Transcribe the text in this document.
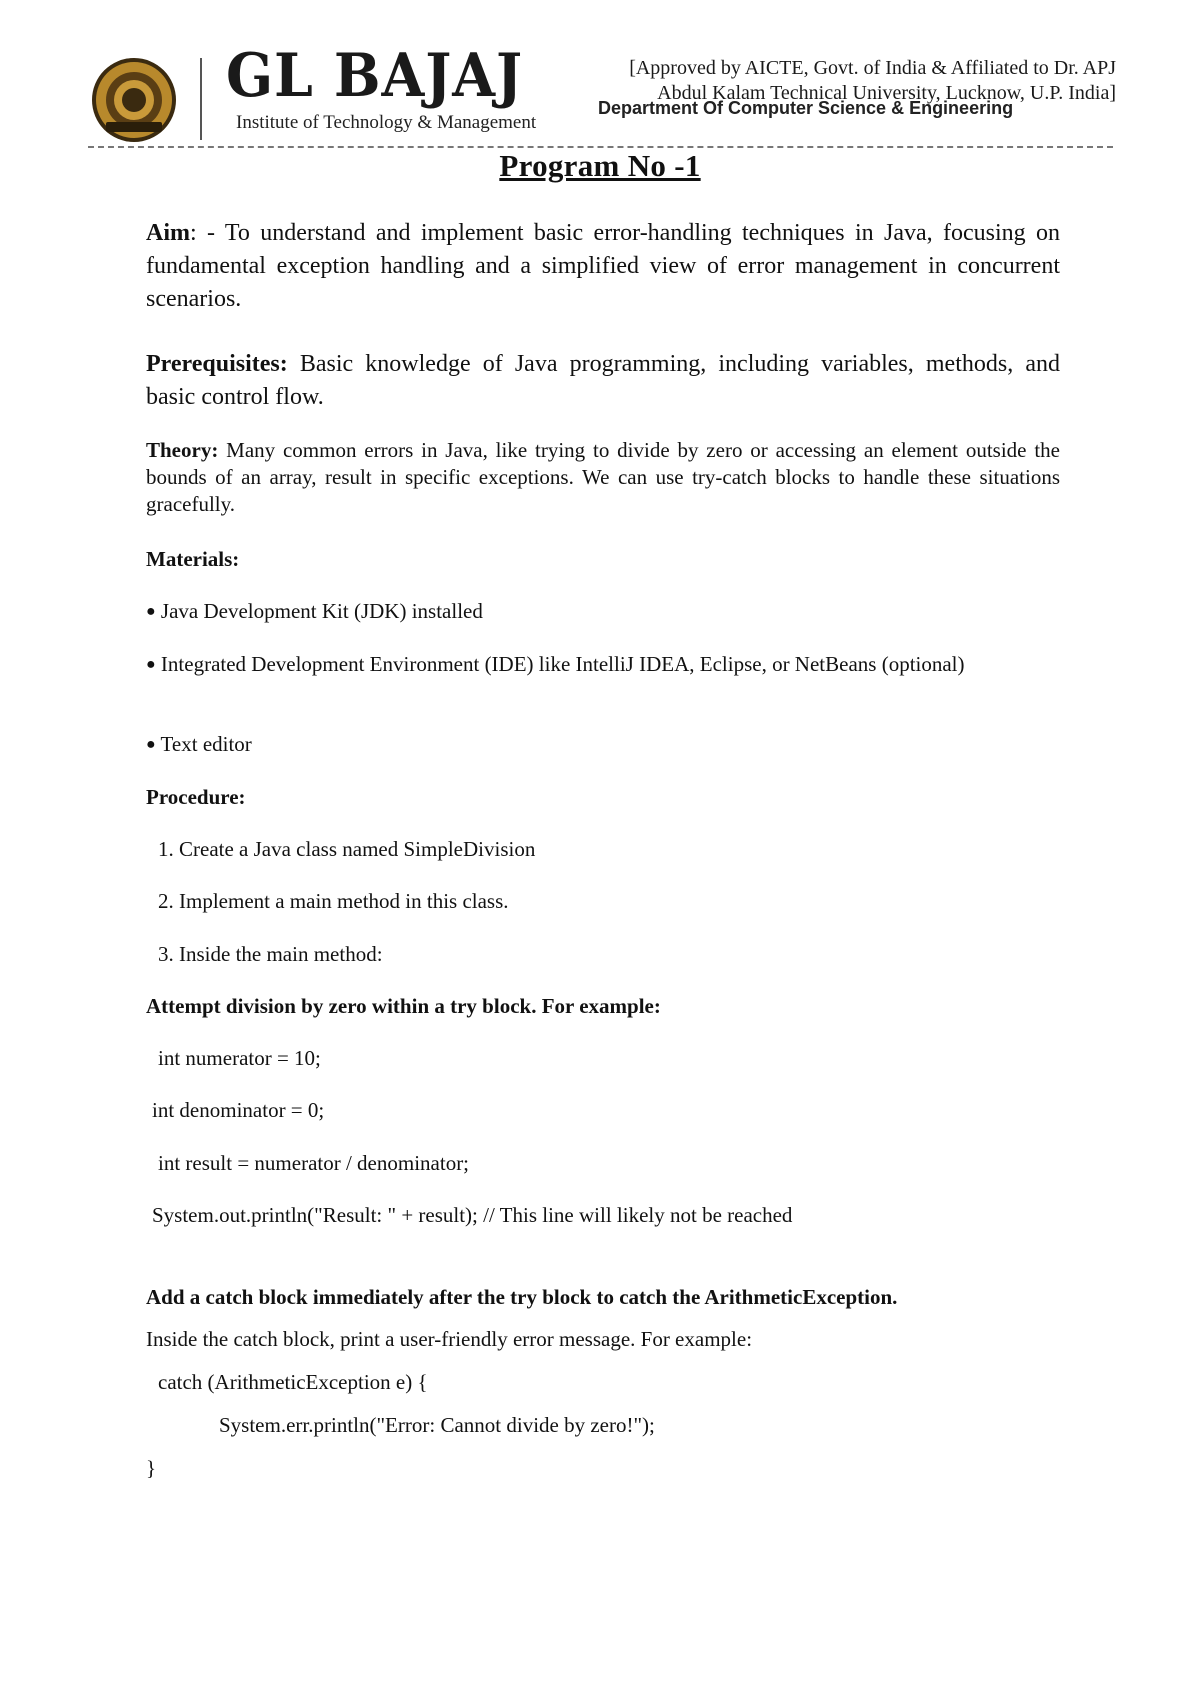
GL BAJAJ
Institute of Technology & Management
[Approved by AICTE, Govt. of India & Affiliated to Dr. APJ
Abdul Kalam Technical University, Lucknow, U.P. India]
Department Of Computer Science & Engineering
Program No -1
Aim: - To understand and implement basic error-handling techniques in Java, focusing on fundamental exception handling and a simplified view of error management in concurrent scenarios.
Prerequisites: Basic knowledge of Java programming, including variables, methods, and basic control flow.
Theory: Many common errors in Java, like trying to divide by zero or accessing an element outside the bounds of an array, result in specific exceptions. We can use try-catch blocks to handle these situations gracefully.
Materials:
● Java Development Kit (JDK) installed
● Integrated Development Environment (IDE) like IntelliJ IDEA, Eclipse, or NetBeans (optional)
● Text editor
Procedure:
1. Create a Java class named SimpleDivision
2. Implement a main method in this class.
3. Inside the main method:
Attempt division by zero within a try block. For example:
int numerator = 10;
int denominator = 0;
int result = numerator / denominator;
System.out.println("Result: " + result); // This line will likely not be reached
Add a catch block immediately after the try block to catch the ArithmeticException.
Inside the catch block, print a user-friendly error message. For example:
catch (ArithmeticException e) {
System.err.println("Error: Cannot divide by zero!");
}
